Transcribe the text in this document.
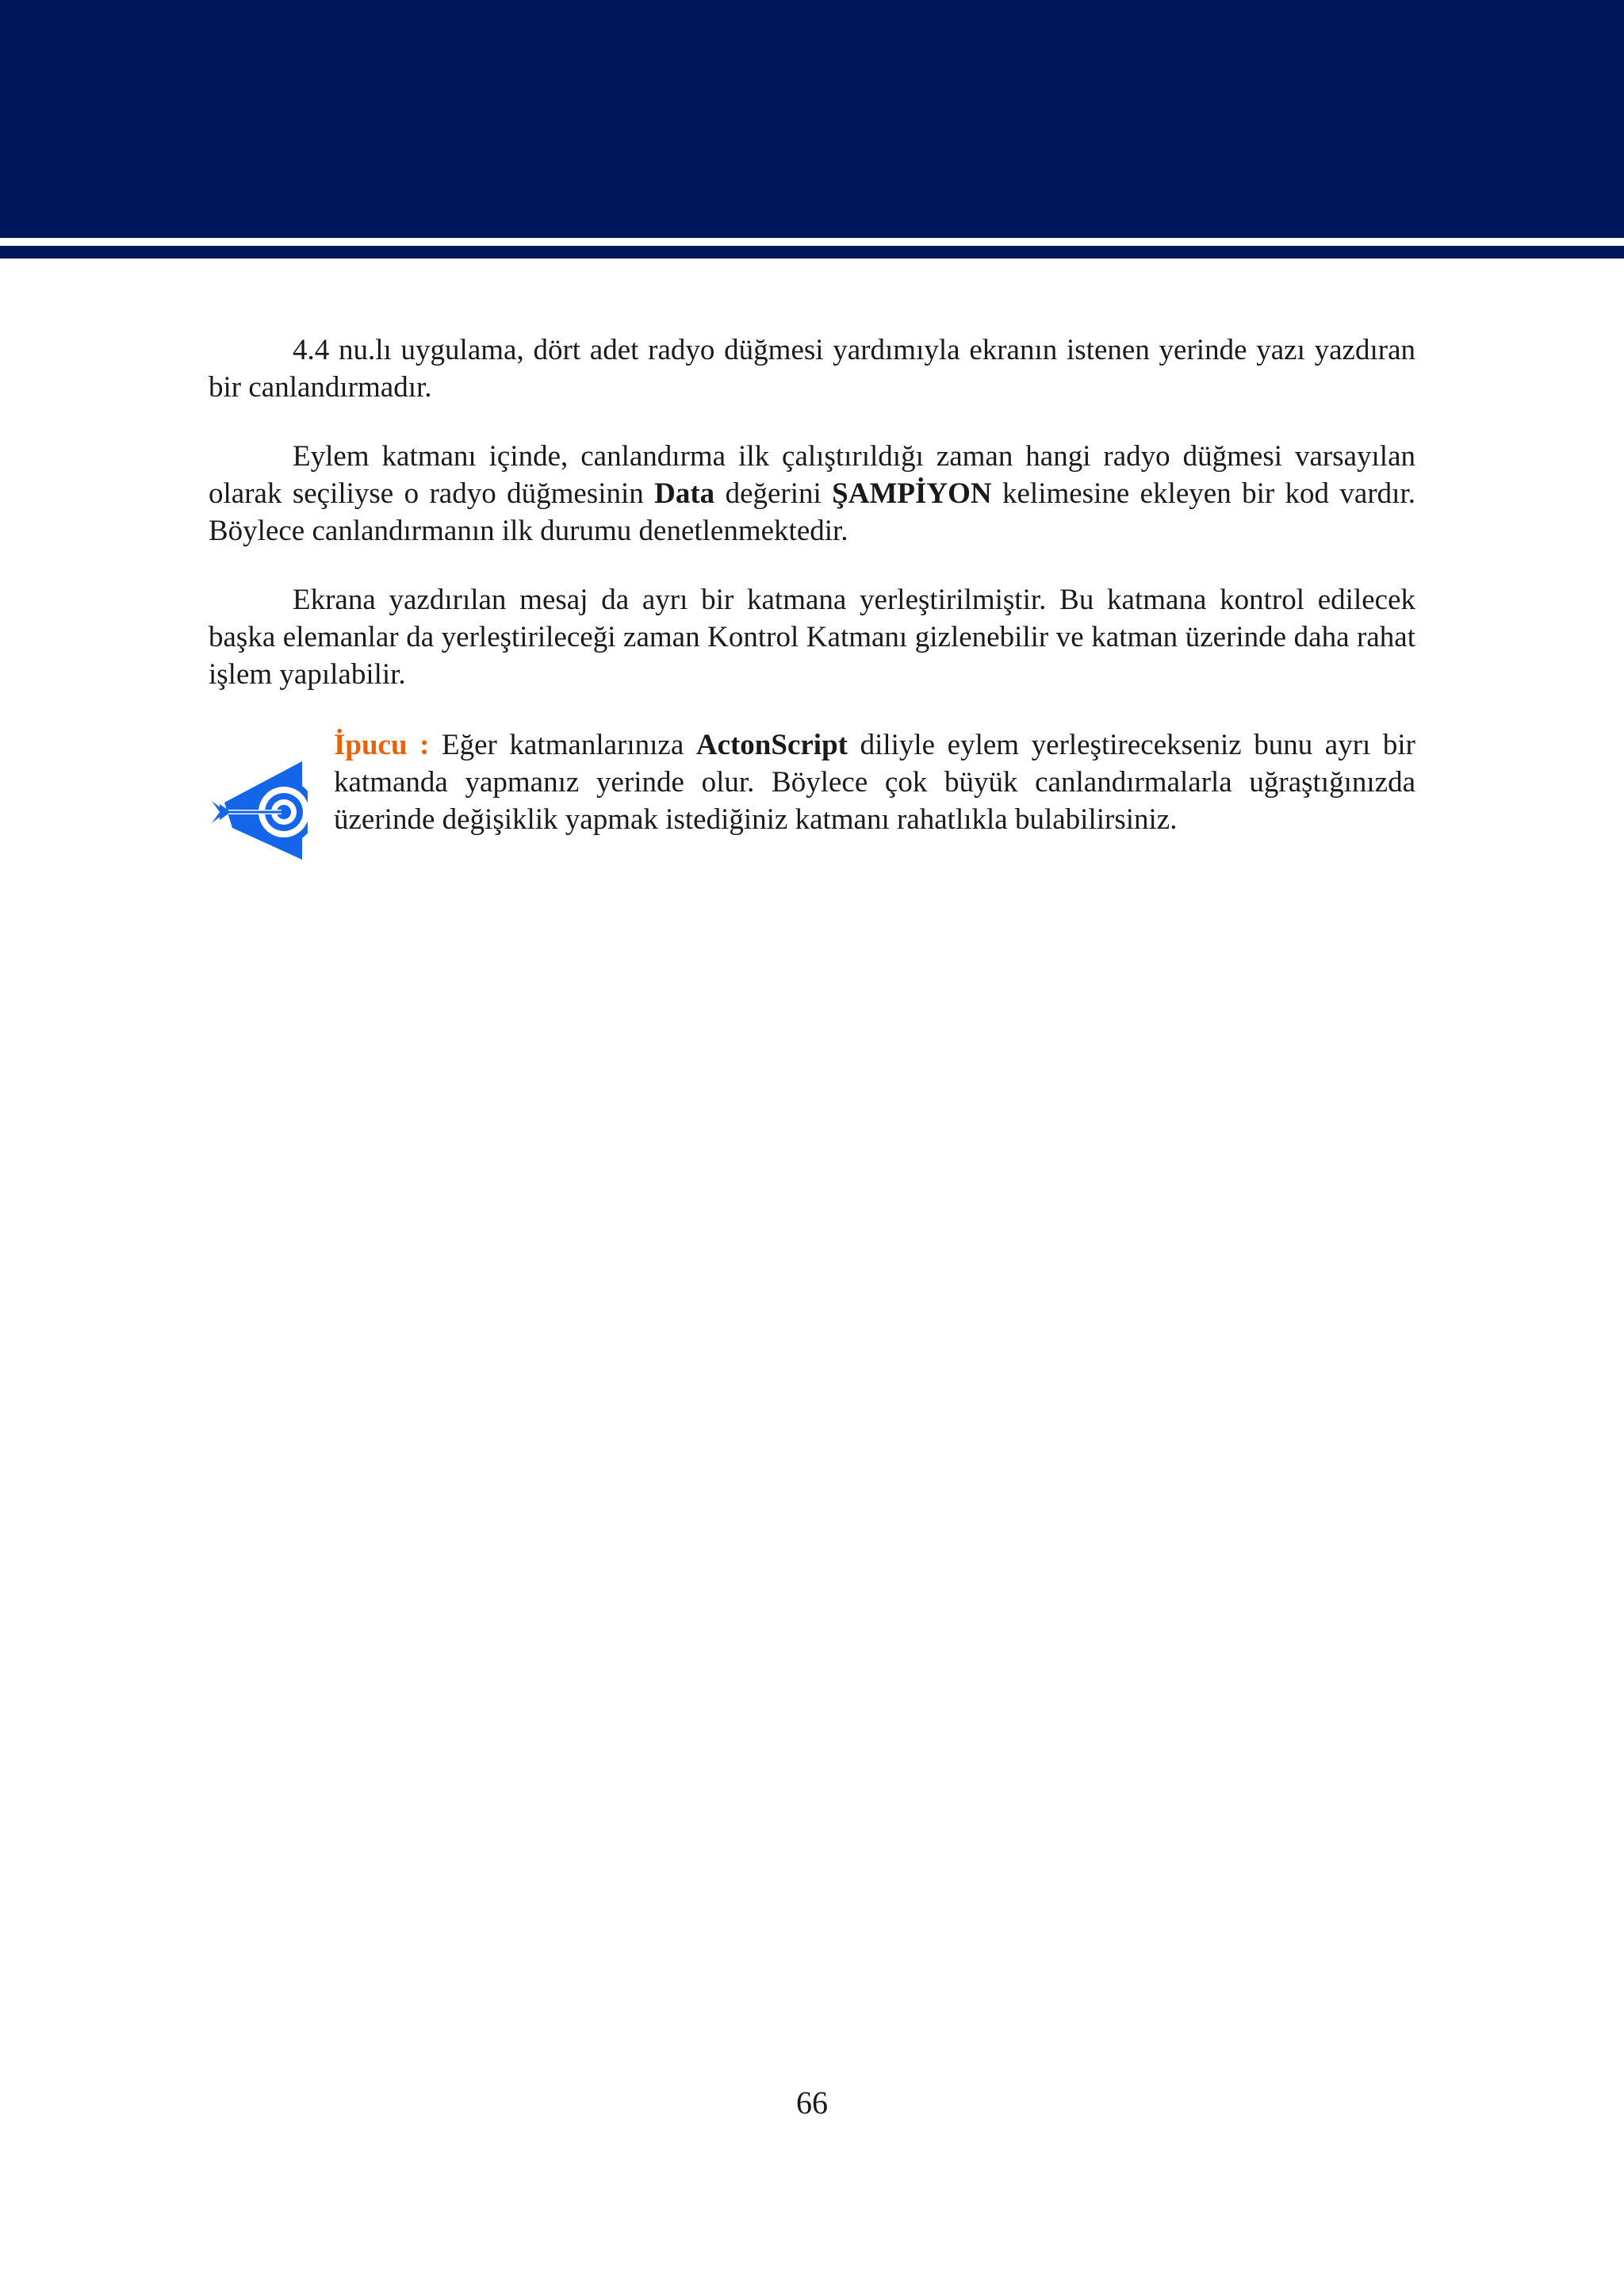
4.4 nu.lı uygulama, dört adet radyo düğmesi yardımıyla ekranın istenen yerinde yazı yazdıran bir canlandırmadır.

Eylem katmanı içinde, canlandırma ilk çalıştırıldığı zaman hangi radyo düğmesi varsayılan olarak seçiliyse o radyo düğmesinin Data değerini ŞAMPİYON kelimesine ekleyen bir kod vardır. Böylece canlandırmanın ilk durumu denetlenmektedir.

Ekrana yazdırılan mesaj da ayrı bir katmana yerleştirilmiştir. Bu katmana kontrol edilecek başka elemanlar da yerleştirileceği zaman Kontrol Katmanı gizlenebilir ve katman üzerinde daha rahat işlem yapılabilir.

İpucu : Eğer katmanlarınıza ActonScript diliyle eylem yerleştirecekseniz bunu ayrı bir katmanda yapmanız yerinde olur. Böylece çok büyük canlandırmalarla uğraştığınızda üzerinde değişiklik yapmak istediğiniz katmanı rahatlıkla bulabilirsiniz.

66
